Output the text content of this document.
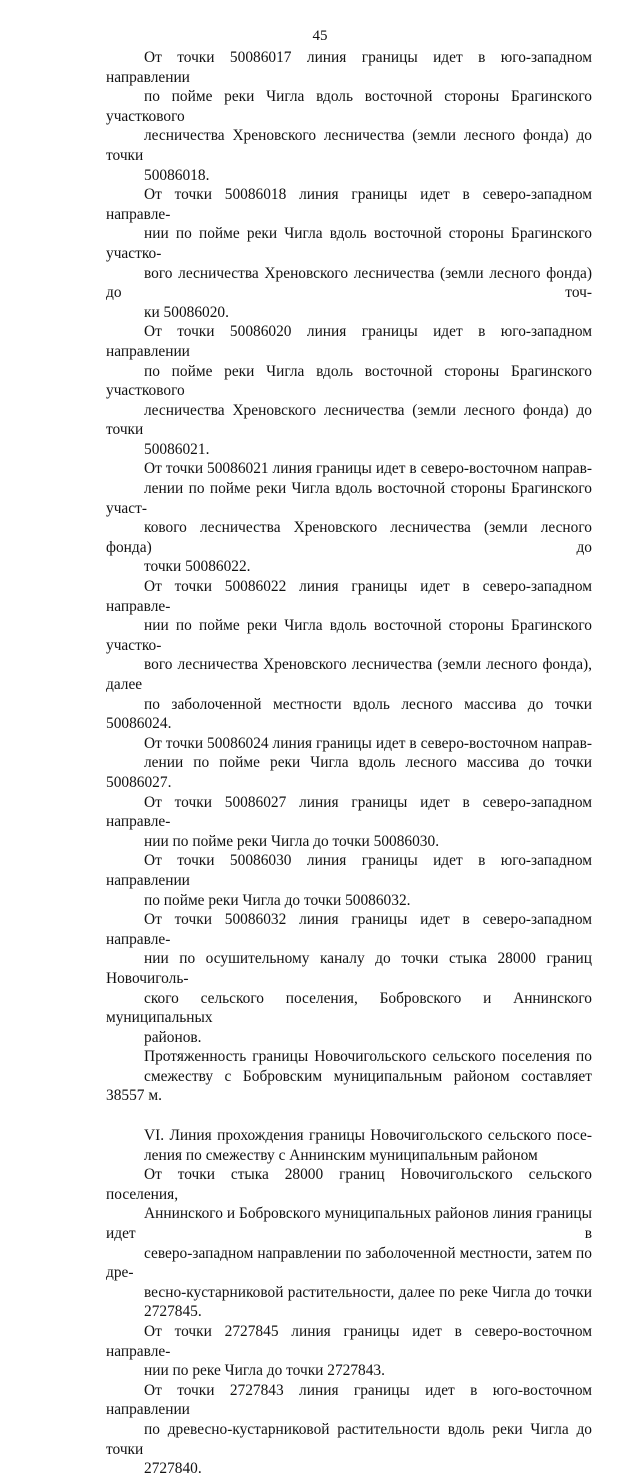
45

От точки 50086017 линия границы идет в юго-западном направлении
по пойме реки Чигла вдоль восточной стороны Брагинского участкового
лесничества Хреновского лесничества (земли лесного фонда) до точки
50086018.

От точки 50086018 линия границы идет в северо-западном направле-
нии по пойме реки Чигла вдоль восточной стороны Брагинского участко-
вого лесничества Хреновского лесничества (земли лесного фонда) до точ-
ки 50086020.

От точки 50086020 линия границы идет в юго-западном направлении
по пойме реки Чигла вдоль восточной стороны Брагинского участкового
лесничества Хреновского лесничества (земли лесного фонда) до точки
50086021.

От точки 50086021 линия границы идет в северо-восточном направ-
лении по пойме реки Чигла вдоль восточной стороны Брагинского участ-
кового лесничества Хреновского лесничества (земли лесного фонда) до
точки 50086022.

От точки 50086022 линия границы идет в северо-западном направле-
нии по пойме реки Чигла вдоль восточной стороны Брагинского участко-
вого лесничества Хреновского лесничества (земли лесного фонда), далее
по заболоченной местности вдоль лесного массива до точки 50086024.

От точки 50086024 линия границы идет в северо-восточном направ-
лении по пойме реки Чигла вдоль лесного массива до точки 50086027.

От точки 50086027 линия границы идет в северо-западном направле-
нии по пойме реки Чигла до точки 50086030.

От точки 50086030 линия границы идет в юго-западном направлении
по пойме реки Чигла до точки 50086032.

От точки 50086032 линия границы идет в северо-западном направле-
нии по осушительному каналу до точки стыка 28000 границ Новочиголь-
ского сельского поселения, Бобровского и Аннинского муниципальных
районов.

Протяженность границы Новочигольского сельского поселения по
смежеству с Бобровским муниципальным районом составляет 38557 м.

VI. Линия прохождения границы Новочигольского сельского посе-
ления по смежеству с Аннинским муниципальным районом

От точки стыка 28000 границ Новочигольского сельского поселения,
Аннинского и Бобровского муниципальных районов линия границы идет в
северо-западном направлении по заболоченной местности, затем по дре-
весно-кустарниковой растительности, далее по реке Чигла до точки
2727845.

От точки 2727845 линия границы идет в северо-восточном направле-
нии по реке Чигла до точки 2727843.

От точки 2727843 линия границы идет в юго-восточном направлении
по древесно-кустарниковой растительности вдоль реки Чигла до точки
2727840.
